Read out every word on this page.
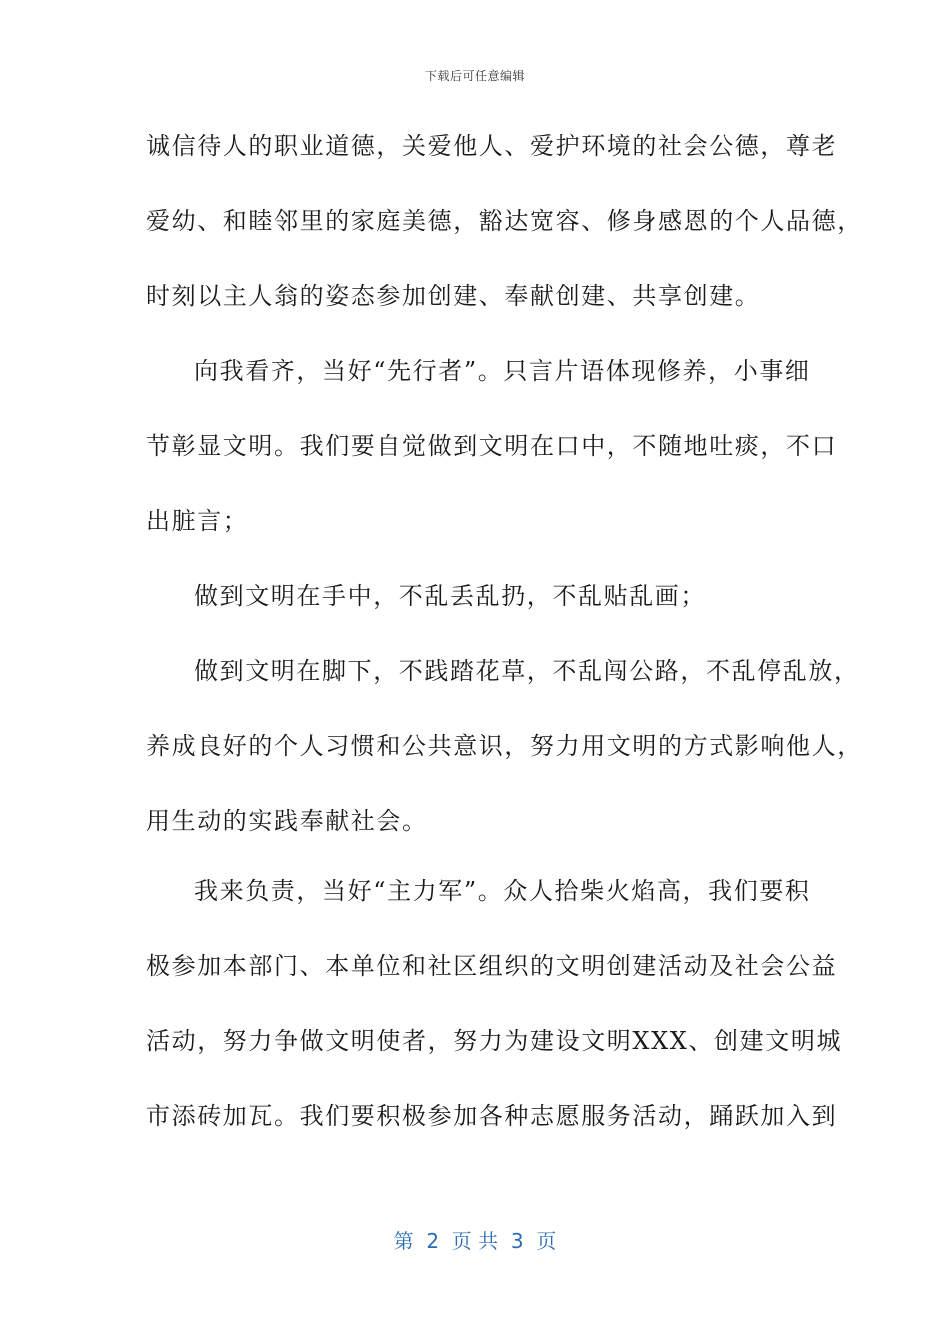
下载后可任意编辑
诚信待人的职业道德，关爱他人、爱护环境的社会公德，尊老
爱幼、和睦邻里的家庭美德，豁达宽容、修身感恩的个人品德，
时刻以主人翁的姿态参加创建、奉献创建、共享创建。
向我看齐，当好“先行者”。只言片语体现修养，小事细
节彰显文明。我们要自觉做到文明在口中，不随地吐痰，不口
出脏言；
做到文明在手中，不乱丢乱扔，不乱贴乱画；
做到文明在脚下，不践踏花草，不乱闯公路，不乱停乱放，
养成良好的个人习惯和公共意识，努力用文明的方式影响他人，
用生动的实践奉献社会。
我来负责，当好“主力军”。众人拾柴火焰高，我们要积
极参加本部门、本单位和社区组织的文明创建活动及社会公益
活动，努力争做文明使者，努力为建设文明XXX、创建文明城
市添砖加瓦。我们要积极参加各种志愿服务活动，踊跃加入到
第  2  页 共  3  页
